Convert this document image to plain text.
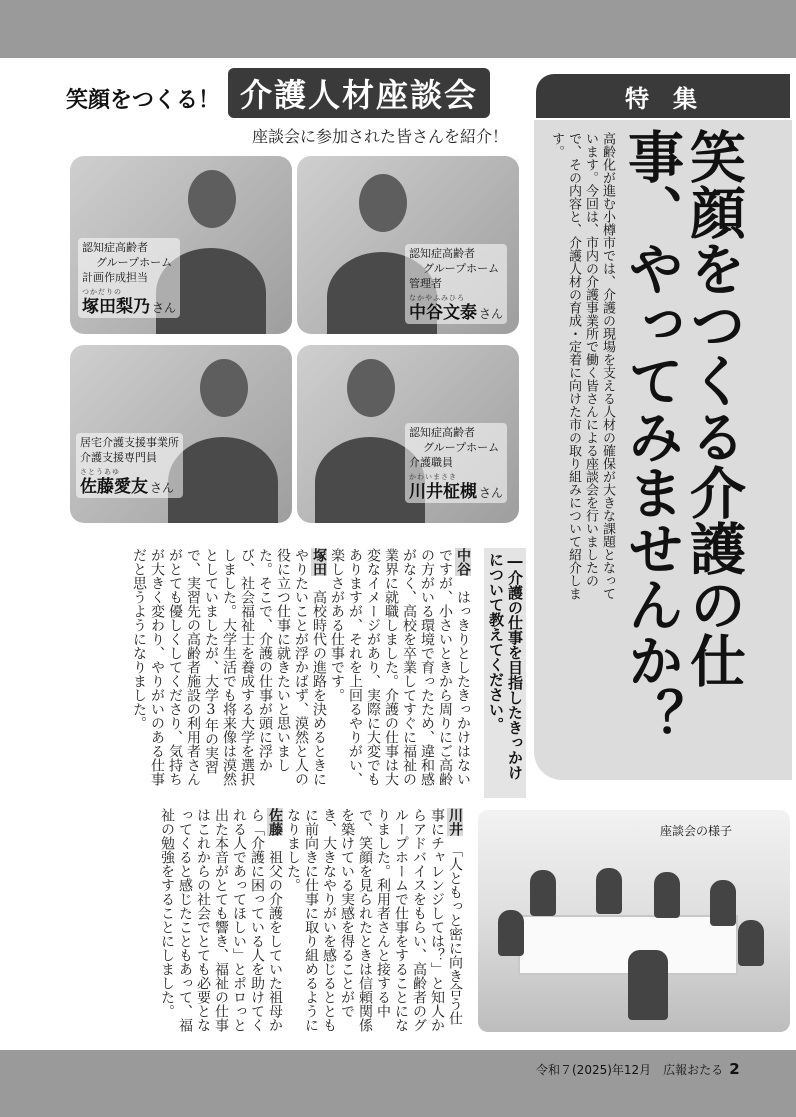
笑顔をつくる！ 介護人材座談会
座談会に参加された皆さんを紹介！
特集
笑顔をつくる介護の仕事、やってみませんか？
高齢化が進む小樽市では、介護の現場を支える人材の確保が大きな課題となっています。今回は、市内の介護事業所で働く皆さんによる座談会を行いましたので、その内容と、介護人材の育成・定着に向けた市の取り組みについて紹介します。
認知症高齢者
グループホーム
計画作成担当
つかだりの
塚田梨乃 さん
認知症高齢者
グループホーム
管理者
なかやふみひろ
中谷文泰 さん
居宅介護支援事業所
介護支援専門員
さとうあゆ
佐藤愛友 さん
認知症高齢者
グループホーム
介護職員
かわいまさき
川井柾槻 さん
―介護の仕事を目指したきっかけについて教えてください。

中谷　はっきりとしたきっかけはないですが、小さいときから周りにご高齢の方がいる環境で育ったため、違和感がなく、高校を卒業してすぐに福祉の業界に就職しました。介護の仕事は大変なイメージがあり、実際に大変でもありますが、それを上回るやりがい、楽しさがある仕事です。

塚田　高校時代の進路を決めるときにやりたいことが浮かばず、漠然と人の役に立つ仕事に就きたいと思いました。そこで、介護の仕事が頭に浮かび、社会福祉士を養成する大学を選択しました。大学生活でも将来像は漠然としていましたが、大学3年の実習で、実習先の高齢者施設の利用者さんがとても優しくしてくださり、気持ちが大きく変わり、やりがいのある仕事だと思うようになりました。

川井　「人ともっと密に向き合う仕事にチャレンジしては？」と知人からアドバイスをもらい、高齢者のグループホームで仕事をすることになりました。利用者さんと接する中で、笑顔を見られたときは信頼関係を築けている実感を得ることができ、大きなやりがいを感じるとともに前向きに仕事に取り組めるようになりました。

佐藤　祖父の介護をしていた祖母から「介護に困っている人を助けてくれる人であってほしい」とポロっと出た本音がとても響き、福祉の仕事はこれからの社会でとても必要となってくると感じたこともあって、福祉の勉強をすることにしました。	座談会の様子
令和７(2025)年12月　広報おたる 2
